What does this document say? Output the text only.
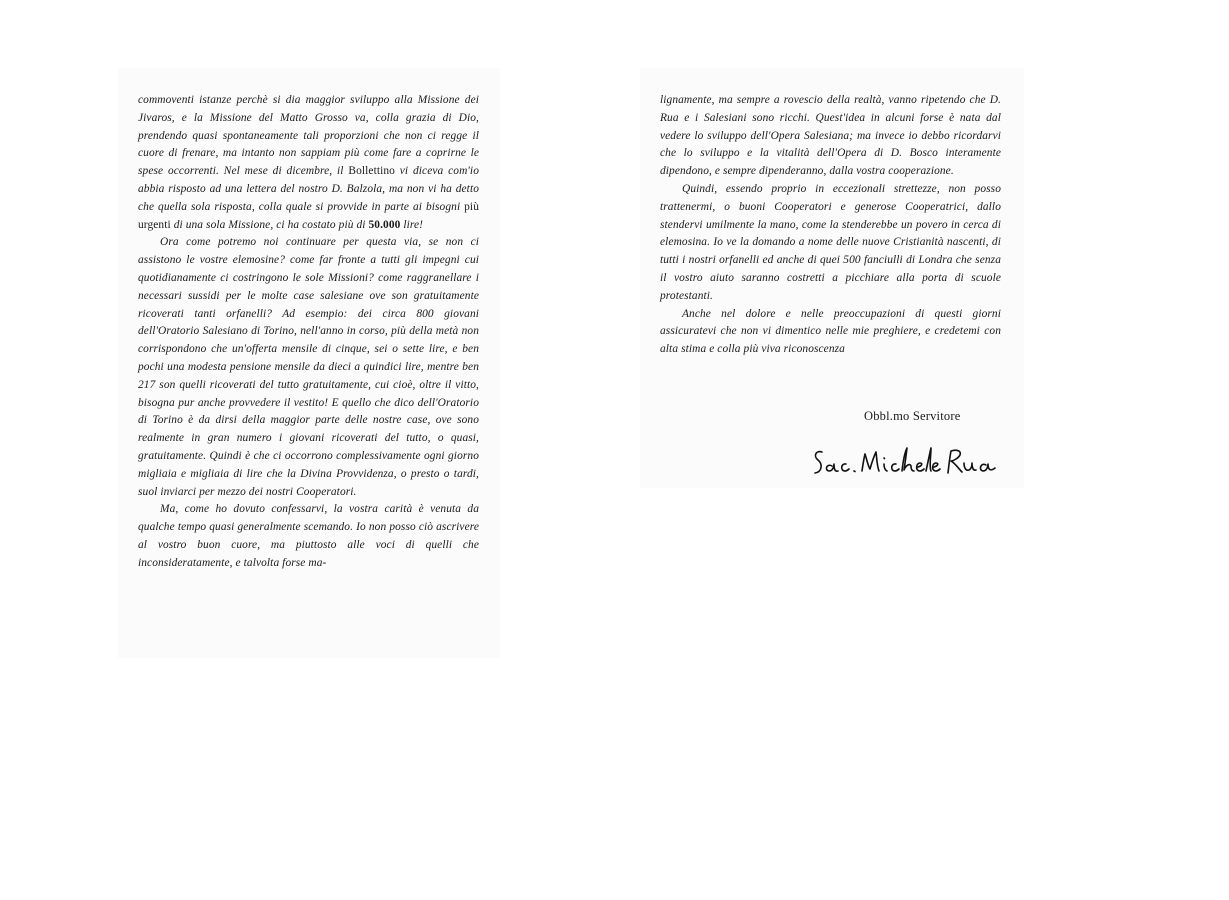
commoventi istanze perchè si dia maggior sviluppo alla Missione dei Jivaros, e la Missione del Matto Grosso va, colla grazia di Dio, prendendo quasi spontaneamente tali proporzioni che non ci regge il cuore di frenare, ma intanto non sappiam più come fare a coprirne le spese occorrenti. Nel mese di dicembre, il Bollettino vi diceva com'io abbia risposto ad una lettera del nostro D. Balzola, ma non vi ha detto che quella sola risposta, colla quale si provvide in parte ai bisogni più urgenti di una sola Missione, ci ha costato più di 50.000 lire!

Ora come potremo noi continuare per questa via, se non ci assistono le vostre elemosine? come far fronte a tutti gli impegni cui quotidianamente ci costringono le sole Missioni? come raggranellare i necessari sussidi per le molte case salesiane ove son gratuitamente ricoverati tanti orfanelli? Ad esempio: dei circa 800 giovani dell'Oratorio Salesiano di Torino, nell'anno in corso, più della metà non corrispondono che un'offerta mensile di cinque, sei o sette lire, e ben pochi una modesta pensione mensile da dieci a quindici lire, mentre ben 217 son quelli ricoverati del tutto gratuitamente, cui cioè, oltre il vitto, bisogna pur anche provvedere il vestito! E quello che dico dell'Oratorio di Torino è da dirsi della maggior parte delle nostre case, ove sono realmente in gran numero i giovani ricoverati del tutto, o quasi, gratuitamente. Quindi è che ci occorrono complessivamente ogni giorno migliaia e migliaia di lire che la Divina Provvidenza, o presto o tardi, suol inviarci per mezzo dei nostri Cooperatori.

Ma, come ho dovuto confessarvi, la vostra carità è venuta da qualche tempo quasi generalmente scemando. Io non posso ciò ascrivere al vostro buon cuore, ma piuttosto alle voci di quelli che inconsideratamente, e talvolta forse ma-

lignamente, ma sempre a rovescio della realtà, vanno ripetendo che D. Rua e i Salesiani sono ricchi. Quest'idea in alcuni forse è nata dal vedere lo sviluppo dell'Opera Salesiana; ma invece io debbo ricordarvi che lo sviluppo e la vitalità dell'Opera di D. Bosco interamente dipendono, e sempre dipenderanno, dalla vostra cooperazione.

Quindi, essendo proprio in eccezionali strettezze, non posso trattenermi, o buoni Cooperatori e generose Cooperatrici, dallo stendervi umilmente la mano, come la stenderebbe un povero in cerca di elemosina. Io ve la domando a nome delle nuove Cristianità nascenti, di tutti i nostri orfanelli ed anche di quei 500 fanciulli di Londra che senza il vostro aiuto saranno costretti a picchiare alla porta di scuole protestanti.

Anche nel dolore e nelle preoccupazioni di questi giorni assicuratevi che non vi dimentico nelle mie preghiere, e credetemi con alta stima e colla più viva riconoscenza

Obbl.mo Servitore
